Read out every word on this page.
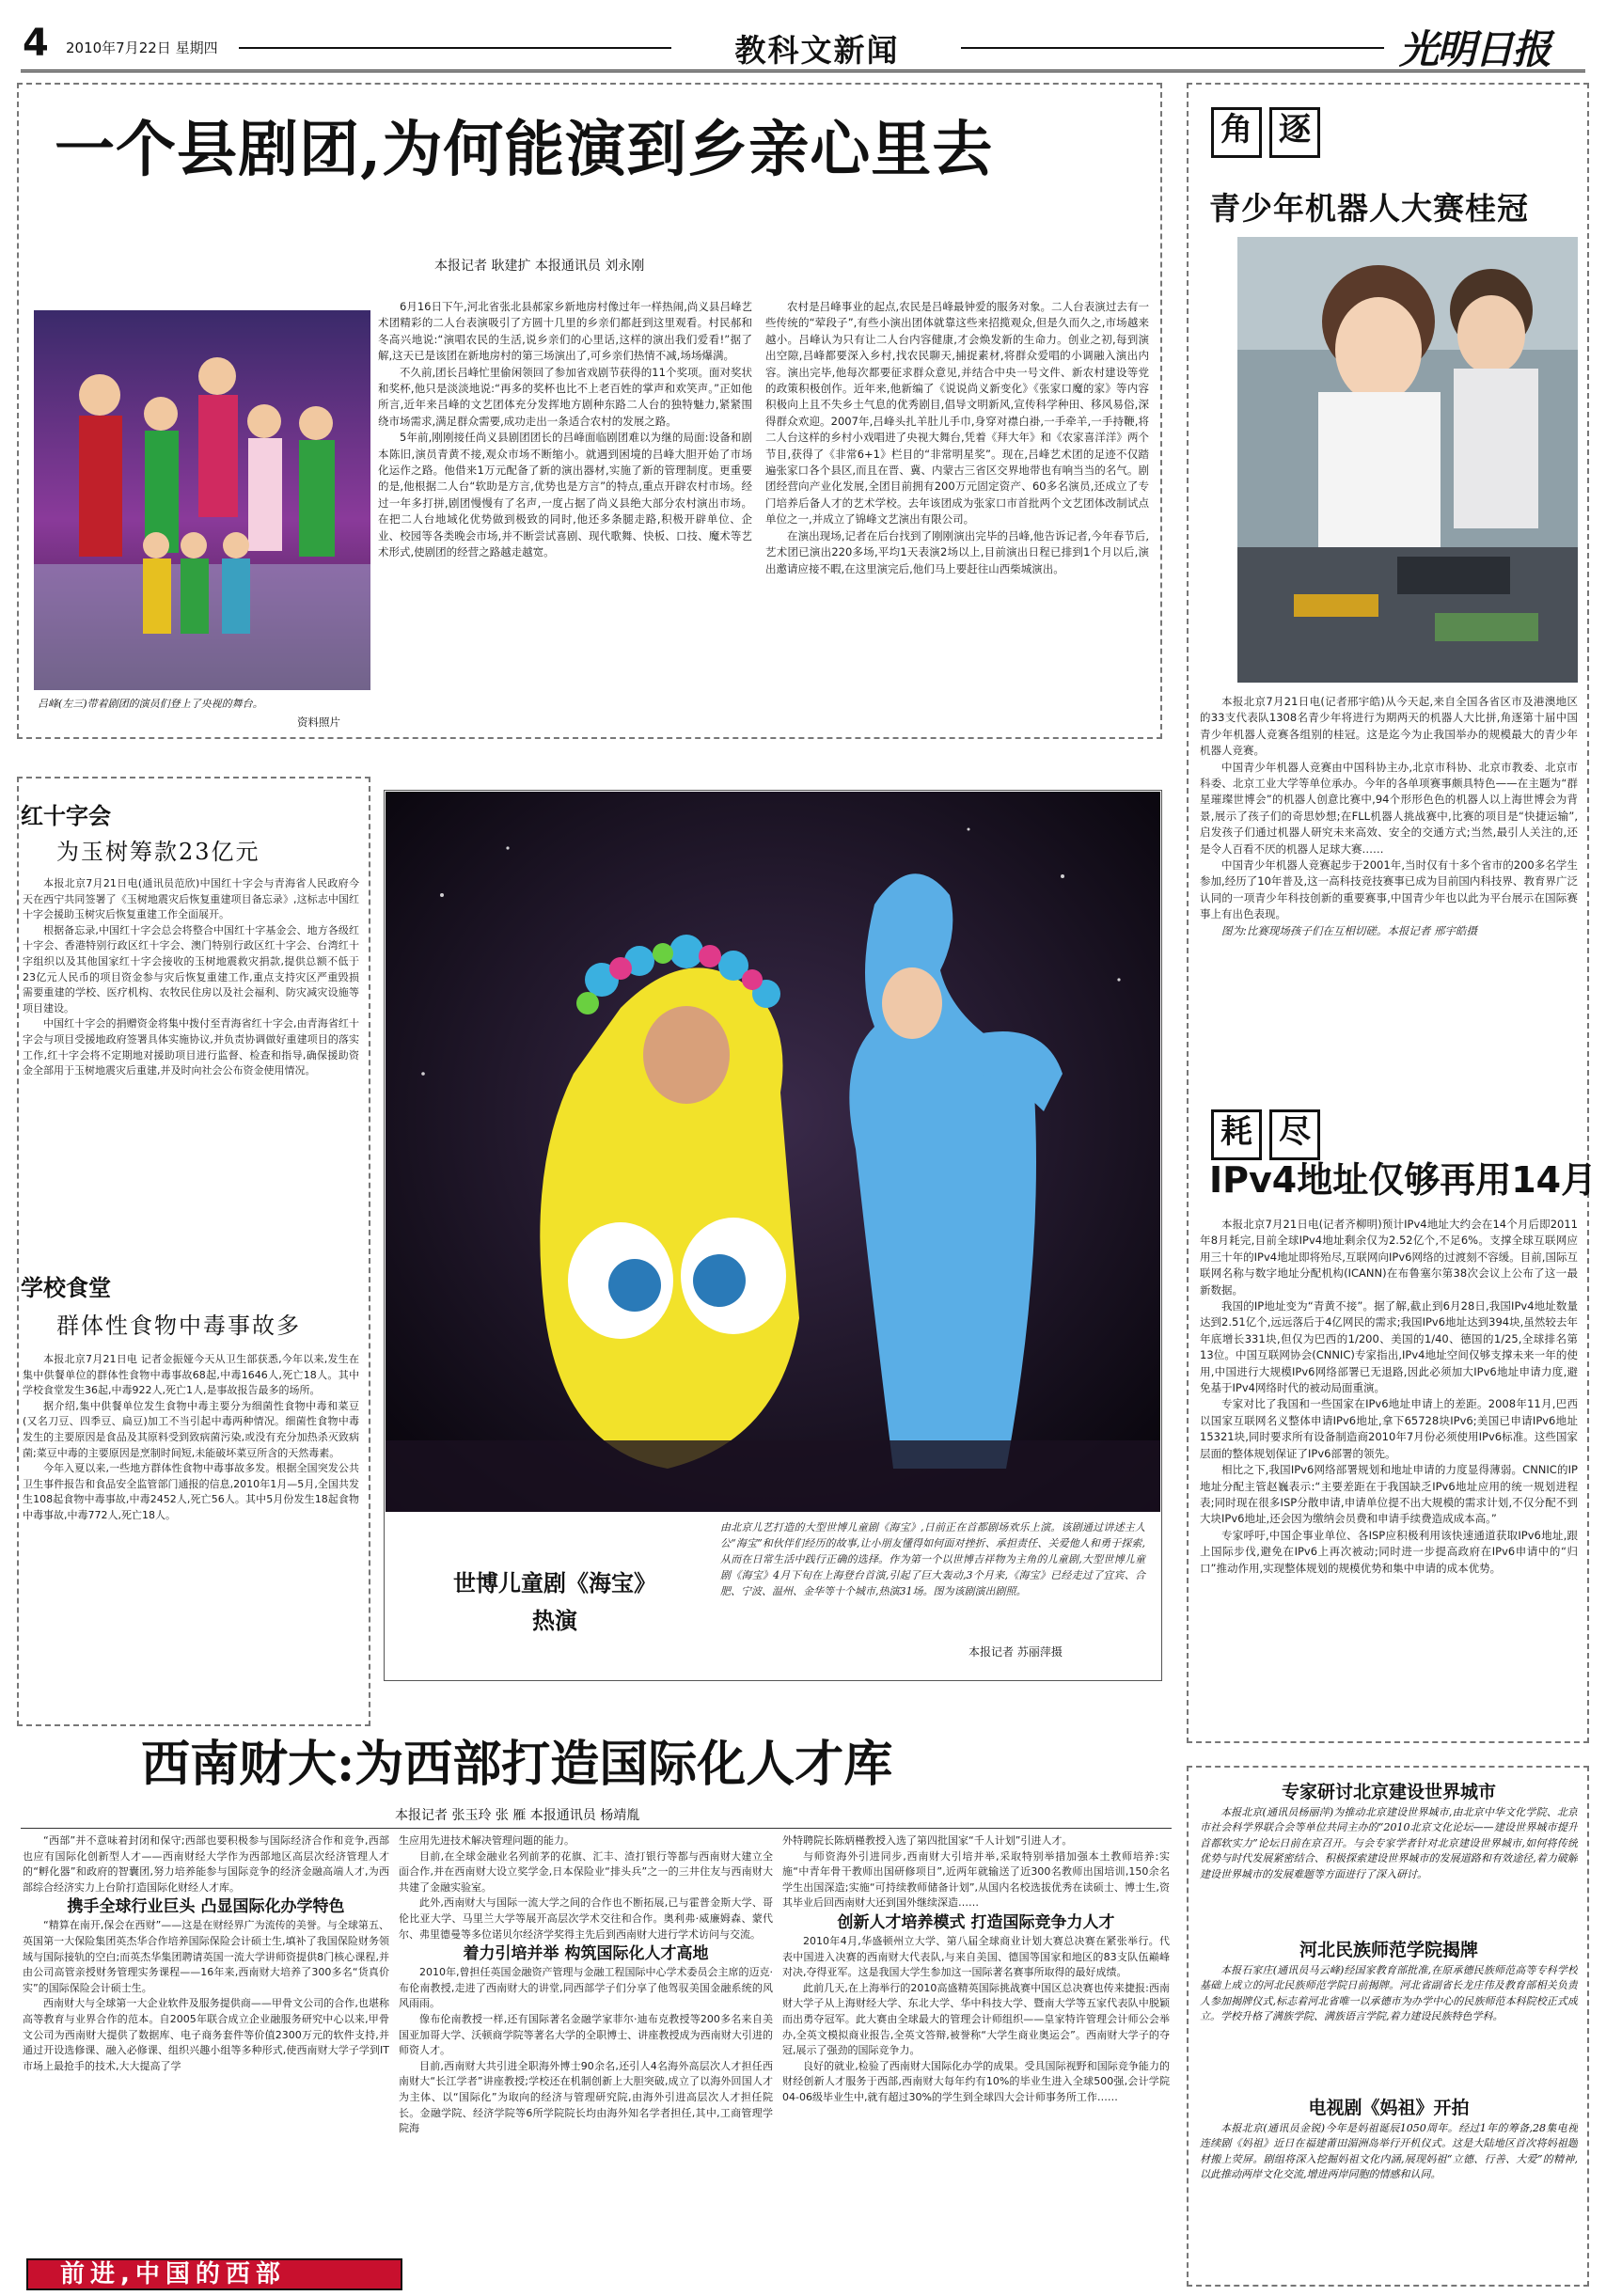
4 2010年7月22日 星期四	教科文新闻	光明日报
一个县剧团,为何能演到乡亲心里去
本报记者 耿建扩 本报通讯员 刘永刚
吕峰(左三)带着剧团的演员们登上了央视的舞台。
资料照片

6月16日下午,河北省张北县郝家乡新地房村像过年一样热闹,尚义县吕峰艺术团精彩的二人台表演吸引了方圆十几里的乡亲们都赶到这里观看。村民郝和冬高兴地说:“演唱农民的生活,说乡亲们的心里话,这样的演出我们爱看!”据了解,这天已是该团在新地房村的第三场演出了,可乡亲们热情不减,场场爆满。

不久前,团长吕峰忙里偷闲领回了参加省戏剧节获得的11个奖项。面对奖状和奖杯,他只是淡淡地说:“再多的奖杯也比不上老百姓的掌声和欢笑声。”正如他所言,近年来吕峰的文艺团体充分发挥地方剧种东路二人台的独特魅力,紧紧围绕市场需求,满足群众需要,成功走出一条适合农村的发展之路。

5年前,刚刚接任尚义县剧团团长的吕峰面临剧团难以为继的局面:设备和剧本陈旧,演员青黄不接,观众市场不断缩小。就遇到困境的吕峰大胆开始了市场化运作之路。他借来1万元配备了新的演出器材,实施了新的管理制度。更重要的是,他根据二人台“软助是方言,优势也是方言”的特点,重点开辟农村市场。经过一年多打拼,剧团慢慢有了名声,一度占据了尚义县绝大部分农村演出市场。在把二人台地域化优势做到极致的同时,他还多条腿走路,积极开辟单位、企业、校园等各类晚会市场,并不断尝试喜剧、现代歌舞、快板、口技、魔术等艺术形式,使剧团的经营之路越走越宽。

农村是吕峰事业的起点,农民是吕峰最钟爱的服务对象。二人台表演过去有一些传统的“荤段子”,有些小演出团体就靠这些来招揽观众,但是久而久之,市场越来越小。吕峰认为只有让二人台内容健康,才会焕发新的生命力。创业之初,每到演出空隙,吕峰都要深入乡村,找农民聊天,捕捉素材,将群众爱唱的小调融入演出内容。演出完毕,他每次都要征求群众意见,并结合中央一号文件、新农村建设等党的政策积极创作。近年来,他新编了《说说尚义新变化》《张家口魔的家》等内容积极向上且不失乡土气息的优秀剧目,倡导文明新风,宣传科学种田、移风易俗,深得群众欢迎。2007年,吕峰头扎羊肚儿手巾,身穿对襟白褂,一手牵羊,一手持鞭,将二人台这样的乡村小戏唱进了央视大舞台,凭着《拜大年》和《农家喜洋洋》两个节目,获得了《非常6+1》栏目的“非常明星奖”。现在,吕峰艺术团的足迹不仅踏遍张家口各个县区,而且在晋、冀、内蒙古三省区交界地带也有响当当的名气。剧团经营向产业化发展,全团目前拥有200万元固定资产、60多名演员,还成立了专门培养后备人才的艺术学校。去年该团成为张家口市首批两个文艺团体改制试点单位之一,并成立了锦峰文艺演出有限公司。

在演出现场,记者在后台找到了刚刚演出完毕的吕峰,他告诉记者,今年春节后,艺术团已演出220多场,平均1天表演2场以上,目前演出日程已排到1个月以后,演出邀请应接不暇,在这里演完后,他们马上要赶往山西柴城演出。

角 逐
青少年机器人大赛桂冠

本报北京7月21日电(记者邢宇皓)从今天起,来自全国各省区市及港澳地区的33支代表队1308名青少年将进行为期两天的机器人大比拼,角逐第十届中国青少年机器人竞赛各组别的桂冠。这是迄今为止我国举办的规模最大的青少年机器人竞赛。

中国青少年机器人竞赛由中国科协主办,北京市科协、北京市教委、北京市科委、北京工业大学等单位承办。今年的各单项赛事颇具特色——在主题为“群星璀璨世博会”的机器人创意比赛中,94个形形色色的机器人以上海世博会为背景,展示了孩子们的奇思妙想;在FLL机器人挑战赛中,比赛的项目是“快捷运输”,启发孩子们通过机器人研究未来高效、安全的交通方式;当然,最引人关注的,还是令人百看不厌的机器人足球大赛……

中国青少年机器人竞赛起步于2001年,当时仅有十多个省市的200多名学生参加,经历了10年普及,这一高科技竞技赛事已成为目前国内科技界、教育界广泛认同的一项青少年科技创新的重要赛事,中国青少年也以此为平台展示在国际赛事上有出色表现。

图为:比赛现场孩子们在互相切磋。本报记者 邢宇皓摄

耗 尽
IPv4地址仅够再用14月

本报北京7月21日电(记者齐柳明)预计IPv4地址大约会在14个月后即2011年8月耗完,目前全球IPv4地址剩余仅为2.52亿个,不足6%。支撑全球互联网应用三十年的IPv4地址即将殆尽,互联网向IPv6网络的过渡刻不容缓。目前,国际互联网名称与数字地址分配机构(ICANN)在布鲁塞尔第38次会议上公布了这一最新数据。

我国的IP地址变为“青黄不接”。据了解,截止到6月28日,我国IPv4地址数量达到2.51亿个,远远落后于4亿网民的需求;我国IPv6地址达到394块,虽然较去年年底增长331块,但仅为巴西的1/200、美国的1/40、德国的1/25,全球排名第13位。中国互联网协会(CNNIC)专家指出,IPv4地址空间仅够支撑未来一年的使用,中国进行大规模IPv6网络部署已无退路,因此必须加大IPv6地址申请力度,避免基于IPv4网络时代的被动局面重演。

专家对比了我国和一些国家在IPv6地址申请上的差距。2008年11月,巴西以国家互联网名义整体申请IPv6地址,拿下65728块IPv6;美国已申请IPv6地址15321块,同时要求所有设备制造商2010年7月份必须使用IPv6标准。这些国家层面的整体规划保证了IPv6部署的领先。

相比之下,我国IPv6网络部署规划和地址申请的力度显得薄弱。CNNIC的IP地址分配主管赵巍表示:“主要差距在于我国缺乏IPv6地址应用的统一规划进程表;同时现在很多ISP分散申请,申请单位提不出大规模的需求计划,不仅分配不到大块IPv6地址,还会因为缴纳会员费和申请手续费造成成本高。”

专家呼吁,中国企事业单位、各ISP应积极利用该快速通道获取IPv6地址,跟上国际步伐,避免在IPv6上再次被动;同时进一步提高政府在IPv6申请中的“归口”推动作用,实现整体规划的规模优势和集中申请的成本优势。

红十字会
为玉树筹款23亿元

本报北京7月21日电(通讯员范欣)中国红十字会与青海省人民政府今天在西宁共同签署了《玉树地震灾后恢复重建项目备忘录》,这标志中国红十字会援助玉树灾后恢复重建工作全面展开。

根据备忘录,中国红十字会总会将整合中国红十字基金会、地方各级红十字会、香港特别行政区红十字会、澳门特别行政区红十字会、台湾红十字组织以及其他国家红十字会接收的玉树地震救灾捐款,提供总额不低于23亿元人民币的项目资金参与灾后恢复重建工作,重点支持灾区严重毁损需要重建的学校、医疗机构、农牧民住房以及社会福利、防灾减灾设施等项目建设。

中国红十字会的捐赠资金将集中拨付至青海省红十字会,由青海省红十字会与项目受援地政府签署具体实施协议,并负责协调做好重建项目的落实工作,红十字会将不定期地对援助项目进行监督、检查和指导,确保援助资金全部用于玉树地震灾后重建,并及时向社会公布资金使用情况。

学校食堂
群体性食物中毒事故多

本报北京7月21日电 记者金振娅今天从卫生部获悉,今年以来,发生在集中供餐单位的群体性食物中毒事故68起,中毒1646人,死亡18人。其中学校食堂发生36起,中毒922人,死亡1人,是事故报告最多的场所。

据介绍,集中供餐单位发生食物中毒主要分为细菌性食物中毒和菜豆(又名刀豆、四季豆、扁豆)加工不当引起中毒两种情况。细菌性食物中毒发生的主要原因是食品及其原料受到致病菌污染,或没有充分加热杀灭致病菌;菜豆中毒的主要原因是烹制时间短,未能破坏菜豆所含的天然毒素。

今年入夏以来,一些地方群体性食物中毒事故多发。根据全国突发公共卫生事件报告和食品安全监管部门通报的信息,2010年1月—5月,全国共发生108起食物中毒事故,中毒2452人,死亡56人。其中5月份发生18起食物中毒事故,中毒772人,死亡18人。

世博儿童剧《海宝》
热演
由北京儿艺打造的大型世博儿童剧《海宝》,日前正在首都剧场欢乐上演。该剧通过讲述主人公“海宝”和伙伴们经历的故事,让小朋友懂得如何面对挫折、承担责任、关爱他人和勇于探索,从而在日常生活中践行正确的选择。作为第一个以世博吉祥物为主角的儿童剧,大型世博儿童剧《海宝》4月下旬在上海登台首演,引起了巨大轰动,3个月来,《海宝》已经走过了宜宾、合肥、宁波、温州、金华等十个城市,热演31场。图为该剧演出剧照。
本报记者 苏丽萍摄
西南财大:为西部打造国际化人才库
本报记者 张玉玲 张 雁 本报通讯员 杨靖胤

“西部”并不意味着封闭和保守;西部也要积极参与国际经济合作和竞争,西部也应有国际化创新型人才——西南财经大学作为西部地区高层次经济管理人才的“孵化器”和政府的智囊团,努力培养能参与国际竞争的经济金融高端人才,为西部综合经济实力上台阶打造国际化财经人才库。

携手全球行业巨头 凸显国际化办学特色

“精算在南开,保会在西财”——这是在财经界广为流传的美誉。与全球第五、英国第一大保险集团英杰华合作培养国际保险会计硕士生,填补了我国保险财务领域与国际接轨的空白;而英杰华集团聘请英国一流大学讲师资提供8门核心课程,并由公司高管亲授财务管理实务课程——16年来,西南财大培养了300多名“货真价实”的国际保险会计硕士生。

西南财大与全球第一大企业软件及服务提供商——甲骨文公司的合作,也堪称高等教育与业界合作的范本。自2005年联合成立企业融服务研究中心以来,甲骨文公司为西南财大提供了数据库、电子商务套件等价值2300万元的软件支持,并通过开设选修课、融入必修课、组织兴趣小组等多种形式,使西南财大学子学到IT市场上最抢手的技术,大大提高了学

生应用先进技术解决管理问题的能力。

目前,在全球金融业名列前茅的花旗、汇丰、渣打银行等都与西南财大建立全面合作,并在西南财大设立奖学金,日本保险业“排头兵”之一的三井住友与西南财大共建了金融实验室。

此外,西南财大与国际一流大学之间的合作也不断拓展,已与霍普金斯大学、哥伦比亚大学、马里兰大学等展开高层次学术交往和合作。奥利弗·威廉姆森、蒙代尔、弗里德曼等多位诺贝尔经济学奖得主先后到西南财大进行学术访问与交流。

着力引培并举 构筑国际化人才高地

2010年,曾担任英国金融资产管理与金融工程国际中心学术委员会主席的迈克·布伦南教授,走进了西南财大的讲堂,同西部学子们分享了他驾驭美国金融系统的风风雨雨。

像布伦南教授一样,还有国际著名金融学家菲尔·迪布克教授等200多名来自美国亚加哥大学、沃顿商学院等著名大学的全职博士、讲座教授成为西南财大引进的师资人才。

目前,西南财大共引进全职海外博士90余名,还引人4名海外高层次人才担任西南财大“长江学者”讲座教授;学校还在机制创新上大胆突破,成立了以海外回国人才为主体、以“国际化”为取向的经济与管理研究院,由海外引进高层次人才担任院长。金融学院、经济学院等6所学院院长均由海外知名学者担任,其中,工商管理学院海

外特聘院长陈炳槿教授入选了第四批国家“千人计划”引进人才。

与师资海外引进同步,西南财大引培并举,采取特别举措加强本土教师培养:实施“中青年骨干教师出国研修项目”,近两年就输送了近300名教师出国培训,150余名学生出国深造;实施“可持续教师储备计划”,从国内名校选拔优秀在读硕士、博士生,资其毕业后回西南财大还到国外继续深造……

创新人才培养模式 打造国际竞争力人才

2010年4月,华盛顿州立大学、第八届全球商业计划大赛总决赛在紧张举行。代表中国进入决赛的西南财大代表队,与来自美国、德国等国家和地区的83支队伍巅峰对决,夺得亚军。这是我国大学生参加这一国际著名赛事所取得的最好成绩。

此前几天,在上海举行的2010高盛精英国际挑战赛中国区总决赛也传来捷报:西南财大学子从上海财经大学、东北大学、华中科技大学、暨南大学等五家代表队中脱颖而出勇夺冠军。此大赛由全球最大的管理会计师组织——皇家特许管理会计师公会举办,全英文模拟商业报告,全英文答辩,被誉称“大学生商业奥运会”。西南财大学子的夺冠,展示了强劲的国际竞争力。

良好的就业,检验了西南财大国际化办学的成果。受具国际视野和国际竞争能力的财经创新人才服务于西部,西南财大每年约有10%的毕业生进入全球500强,会计学院04-06级毕业生中,就有超过30%的学生到全球四大会计师事务所工作……

前进,中国的西部
专家研讨北京建设世界城市
本报北京(通讯员杨丽萍)为推动北京建设世界城市,由北京中华文化学院、北京市社会科学界联合会等单位共同主办的“2010北京文化论坛——建设世界城市提升首都软实力”论坛日前在京召开。与会专家学者针对北京建设世界城市,如何将传统优势与时代发展紧密结合、积极探索建设世界城市的发展道路和有效途径,着力破解建设世界城市的发展难题等方面进行了深入研讨。
河北民族师范学院揭牌
本报石家庄(通讯员马云峰)经国家教育部批准,在原承德民族师范高等专科学校基础上成立的河北民族师范学院日前揭牌。河北省副省长龙庄伟及教育部相关负责人参加揭牌仪式,标志着河北省唯一以承德市为办学中心的民族师范本科院校正式成立。学校升格了满族学院、满族语言学院,着力建设民族特色学科。
电视剧《妈祖》开拍
本报北京(通讯员金锐)今年是妈祖诞辰1050周年。经过1年的筹备,28集电视连续剧《妈祖》近日在福建莆田湄洲岛举行开机仪式。这是大陆地区首次将妈祖题材搬上荧屏。剧组将深入挖掘妈祖文化内涵,展现妈祖“立德、行善、大爱”的精神,以此推动两岸文化交流,增进两岸同胞的情感和认同。
